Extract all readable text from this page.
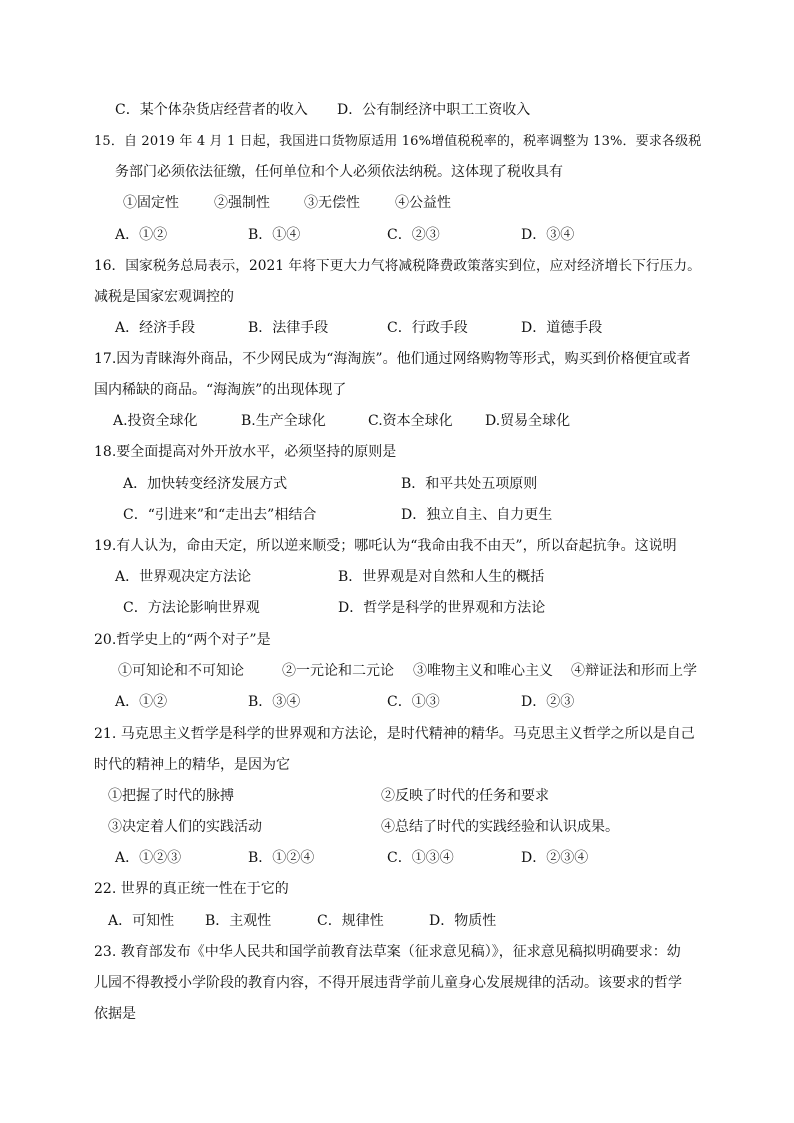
C．某个体杂货店经营者的收入 D．公有制经济中职工工资收入
15．自 2019 年 4 月 1 日起，我国进口货物原适用 16%增值税税率的，税率调整为 13%．要求各级税
务部门必须依法征缴，任何单位和个人必须依法纳税。这体现了税收具有
①固定性	②强制性 ③无偿性	④公益性
A．①②	B．①④	C．②③	D．③④
16．国家税务总局表示，2021 年将下更大力气将减税降费政策落实到位，应对经济增长下行压力。
减税是国家宏观调控的
A．经济手段	B．法律手段	C．行政手段	D．道德手段
17.因为青睐海外商品，不少网民成为“海淘族”。他们通过网络购物等形式，购买到价格便宜或者
国内稀缺的商品。“海淘族”的出现体现了
A.投资全球化	B.生产全球化	C.资本全球化 D.贸易全球化
18.要全面提高对外开放水平，必须坚持的原则是
A．加快转变经济发展方式	B．和平共处五项原则
C．“引进来”和“走出去”相结合	D．独立自主、自力更生
19.有人认为，命由天定，所以逆来顺受；哪吒认为“我命由我不由天”，所以奋起抗争。这说明
A．世界观决定方法论	B．世界观是对自然和人生的概括
C．方法论影响世界观	D．哲学是科学的世界观和方法论
20.哲学史上的“两个对子”是
①可知论和不可知论	②一元论和二元论 ③唯物主义和唯心主义 ④辩证法和形而上学
A．①②	B．③④	C．①③	D．②③
21. 马克思主义哲学是科学的世界观和方法论，是时代精神的精华。马克思主义哲学之所以是自己
时代的精神上的精华，是因为它
①把握了时代的脉搏	②反映了时代的任务和要求
③决定着人们的实践活动	④总结了时代的实践经验和认识成果。
A．①②③	B．①②④	C．①③④	D．②③④
22. 世界的真正统一性在于它的
A．可知性 B．主观性	C．规律性	D．物质性
23. 教育部发布《中华人民共和国学前教育法草案（征求意见稿）》，征求意见稿拟明确要求：幼
儿园不得教授小学阶段的教育内容，不得开展违背学前儿童身心发展规律的活动。该要求的哲学
依据是
